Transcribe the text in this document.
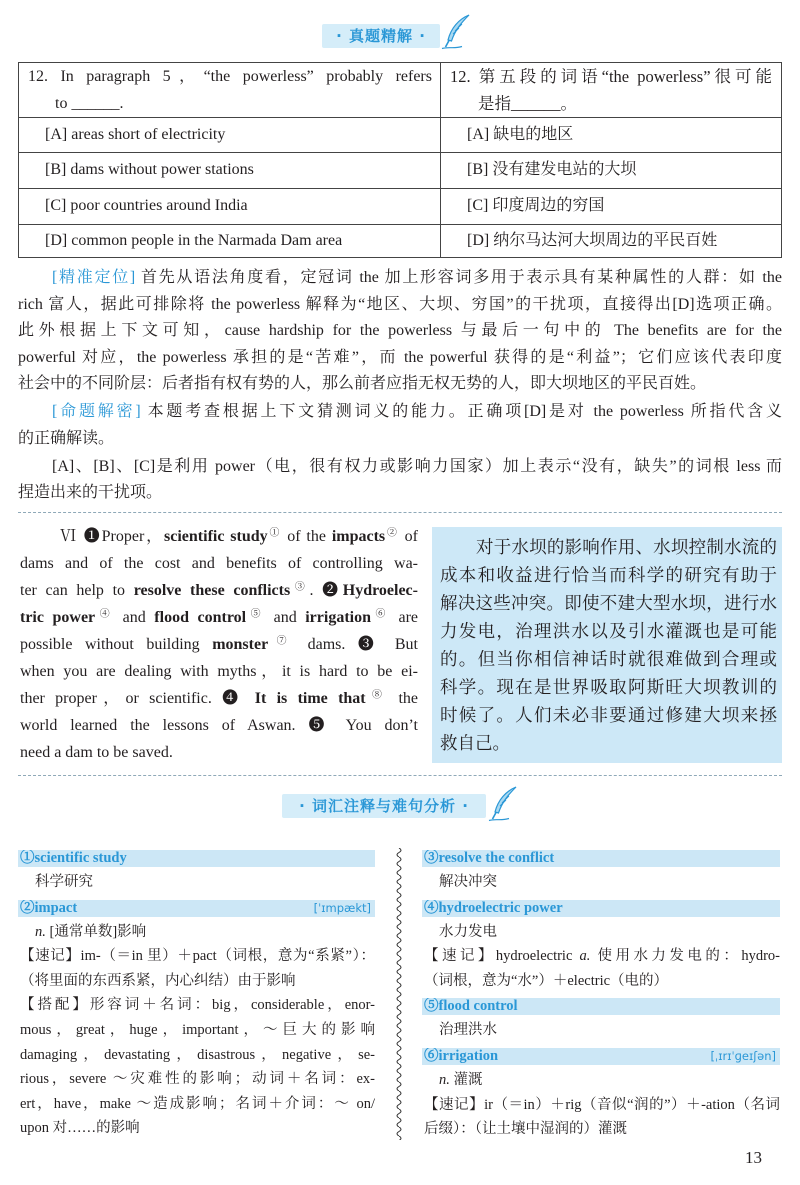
· 真题精解 ·
12. In paragraph 5，“the powerless” probably refers
to ______.
12. 第五段的词语“the powerless”很可能
是指______。
[A] areas short of electricity	[A] 缺电的地区
[B] dams without power stations	[B] 没有建发电站的大坝
[C] poor countries around India	[C] 印度周边的穷国
[D] common people in the Narmada Dam area	[D] 纳尔马达河大坝周边的平民百姓
[精准定位] 首先从语法角度看，定冠词 the 加上形容词多用于表示具有某种属性的人群：如 the
rich 富人，据此可排除将 the powerless 解释为“地区、大坝、穷国”的干扰项，直接得出[D]选项正确。
此外根据上下文可知，cause hardship for the powerless 与最后一句中的 The benefits are for the
powerful 对应，the powerless 承担的是“苦难”，而 the powerful 获得的是“利益”；它们应该代表印度
社会中的不同阶层：后者指有权有势的人，那么前者应指无权无势的人，即大坝地区的平民百姓。
[命题解密] 本题考查根据上下文猜测词义的能力。正确项[D]是对 the powerless 所指代含义
的正确解读。
[A]、[B]、[C]是利用 power（电，很有权力或影响力国家）加上表示“没有，缺失”的词根 less 而
捏造出来的干扰项。
Ⅵ ❶Proper，scientific study① of the impacts② of
dams and of the cost and benefits of controlling wa-
ter can help to resolve these conflicts③. ❷Hydroelec-
tric power④ and flood control⑤ and irrigation⑥ are
possible without building monster⑦ dams. ❸ But
when you are dealing with myths，it is hard to be ei-
ther proper，or scientific. ❹ It is time that⑧ the
world learned the lessons of Aswan. ❺ You don’t
need a dam to be saved.
对于水坝的影响作用、水坝控制水流的
成本和收益进行恰当而科学的研究有助于
解决这些冲突。即使不建大型水坝，进行水
力发电，治理洪水以及引水灌溉也是可能
的。但当你相信神话时就很难做到合理或
科学。现在是世界吸取阿斯旺大坝教训的
时候了。人们未必非要通过修建大坝来拯
救自己。
· 词汇注释与难句分析 ·
①scientific study
科学研究
②impact	[ˈɪmpækt]
n. [通常单数]影响
【速记】im-（＝in 里）＋pact（词根，意为“系紧”）：
（将里面的东西系紧，内心纠结）由于影响
【搭配】形容词＋名词：big，considerable，enor-
mous，great，huge，important，～巨大的影响
damaging，devastating，disastrous，negative，se-
rious，severe ～灾难性的影响；动词＋名词：ex-
ert，have，make ～造成影响；名词＋介词：～ on/
upon 对……的影响
③resolve the conflict
解决冲突
④hydroelectric power
水力发电
【速记】hydroelectric a. 使用水力发电的：hydro-
（词根，意为“水”）＋electric（电的）
⑤flood control
治理洪水
⑥irrigation	[ˌɪrɪˈɡeɪʃən]
n. 灌溉
【速记】ir（＝in）＋rig（音似“润的”）＋-ation（名词
后缀）：（让土壤中湿润的）灌溉
13
